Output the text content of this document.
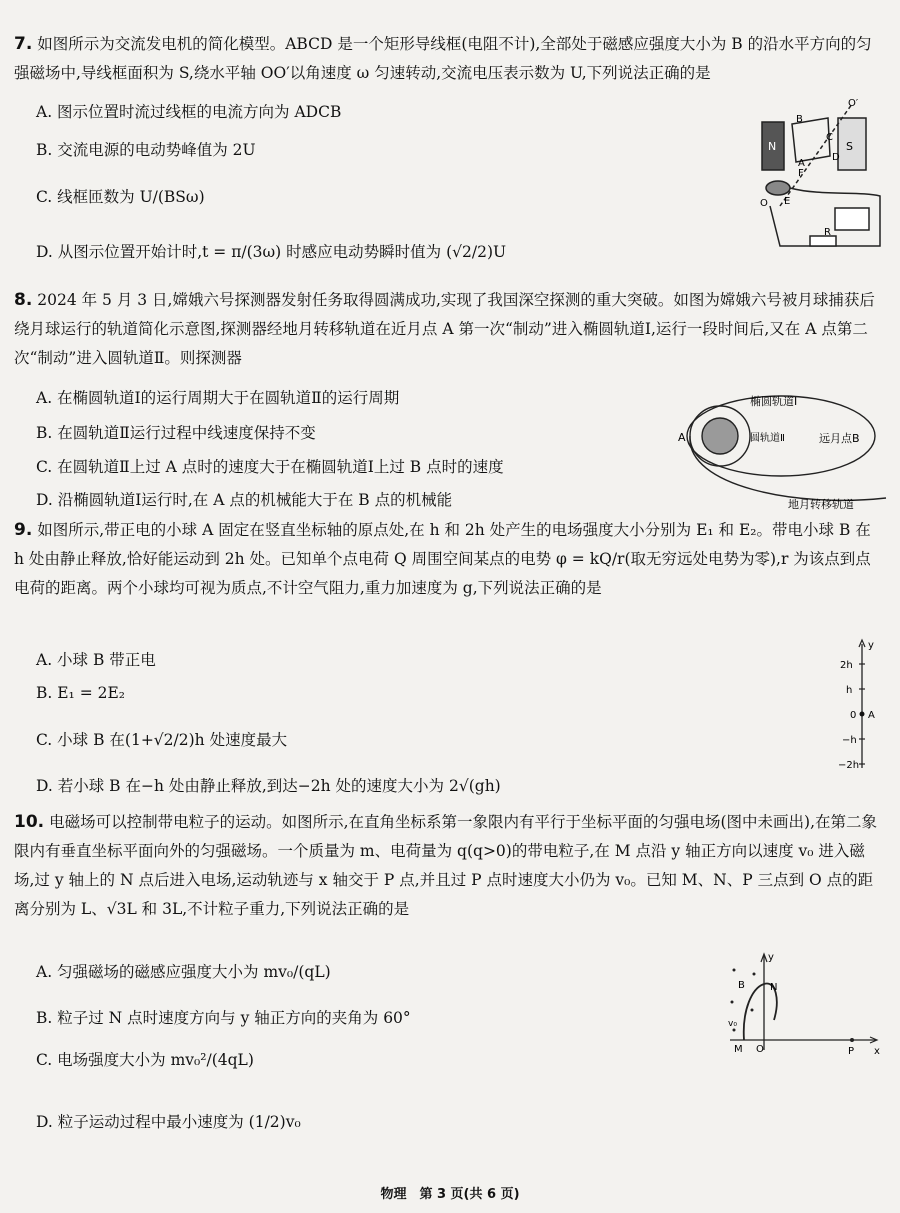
7. 如图所示为交流发电机的简化模型。ABCD 是一个矩形导线框(电阻不计),全部处于磁感应强度大小为 B 的沿水平方向的匀强磁场中,导线框面积为 S,绕水平轴 OO′以角速度 ω 匀速转动,交流电压表示数为 U,下列说法正确的是
A. 图示位置时流过线框的电流方向为 ADCB
B. 交流电源的电动势峰值为 2U
C. 线框匝数为 U/(BSω)
D. 从图示位置开始计时,t = π/(3ω) 时感应电动势瞬时值为 (√2/2)U
N	S
A
B
C
D
E
F
O
O′
R
8. 2024 年 5 月 3 日,嫦娥六号探测器发射任务取得圆满成功,实现了我国深空探测的重大突破。如图为嫦娥六号被月球捕获后绕月球运行的轨道简化示意图,探测器经地月转移轨道在近月点 A 第一次“制动”进入椭圆轨道Ⅰ,运行一段时间后,又在 A 点第二次“制动”进入圆轨道Ⅱ。则探测器
A. 在椭圆轨道Ⅰ的运行周期大于在圆轨道Ⅱ的运行周期
B. 在圆轨道Ⅱ运行过程中线速度保持不变
C. 在圆轨道Ⅱ上过 A 点时的速度大于在椭圆轨道Ⅰ上过 B 点时的速度
D. 沿椭圆轨道Ⅰ运行时,在 A 点的机械能大于在 B 点的机械能
椭圆轨道Ⅰ
圆轨道Ⅱ	远月点B
A
地月转移轨道
9. 如图所示,带正电的小球 A 固定在竖直坐标轴的原点处,在 h 和 2h 处产生的电场强度大小分别为 E₁ 和 E₂。带电小球 B 在 h 处由静止释放,恰好能运动到 2h 处。已知单个点电荷 Q 周围空间某点的电势 φ = kQ/r(取无穷远处电势为零),r 为该点到点电荷的距离。两个小球均可视为质点,不计空气阻力,重力加速度为 g,下列说法正确的是
A. 小球 B 带正电
B. E₁ = 2E₂
C. 小球 B 在(1+√2/2)h 处速度最大
D. 若小球 B 在−h 处由静止释放,到达−2h 处的速度大小为 2√(gh)
y
2h
h
0 A
−h
−2h
10. 电磁场可以控制带电粒子的运动。如图所示,在直角坐标系第一象限内有平行于坐标平面的匀强电场(图中未画出),在第二象限内有垂直坐标平面向外的匀强磁场。一个质量为 m、电荷量为 q(q>0)的带电粒子,在 M 点沿 y 轴正方向以速度 v₀ 进入磁场,过 y 轴上的 N 点后进入电场,运动轨迹与 x 轴交于 P 点,并且过 P 点时速度大小仍为 v₀。已知 M、N、P 三点到 O 点的距离分别为 L、√3L 和 3L,不计粒子重力,下列说法正确的是
A. 匀强磁场的磁感应强度大小为 mv₀/(qL)
B. 粒子过 N 点时速度方向与 y 轴正方向的夹角为 60°
C. 电场强度大小为 mv₀²/(4qL)
D. 粒子运动过程中最小速度为 (1/2)v₀
y
B	N
v₀
M O	P x
物理　第 3 页(共 6 页)
